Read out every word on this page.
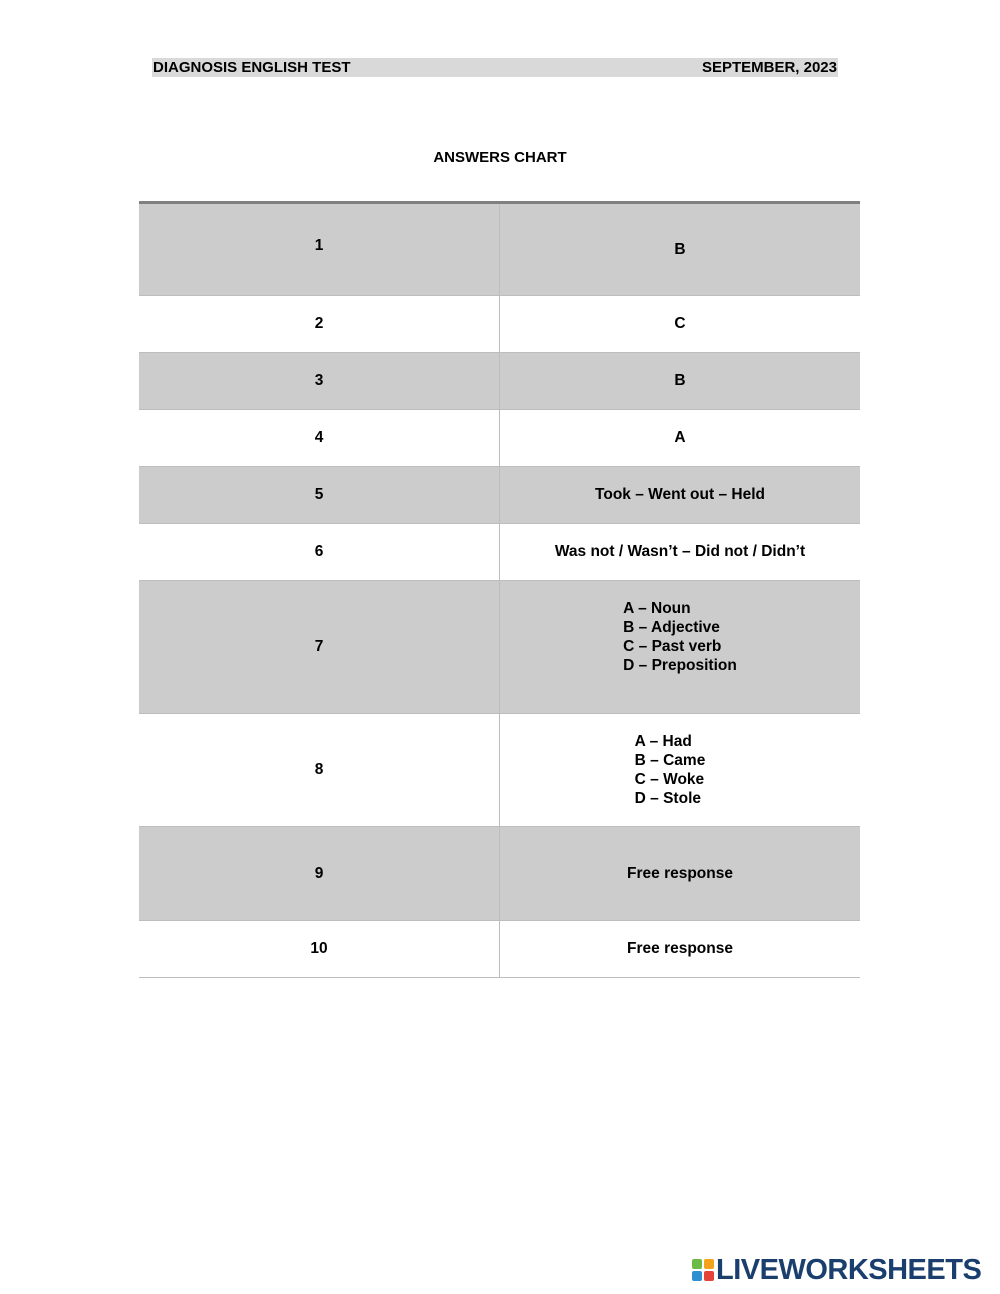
DIAGNOSIS ENGLISH TEST	SEPTEMBER, 2023
ANSWERS CHART
1	B
2	C
3	B
4	A
5	Took – Went out – Held
6	Was not / Wasn’t – Did not / Didn’t
7	A – Noun
B – Adjective
C – Past verb
D – Preposition

8	A – Had
B – Came
C – Woke
D – Stole

9	Free response
10	Free response
LIVEWORKSHEETS
